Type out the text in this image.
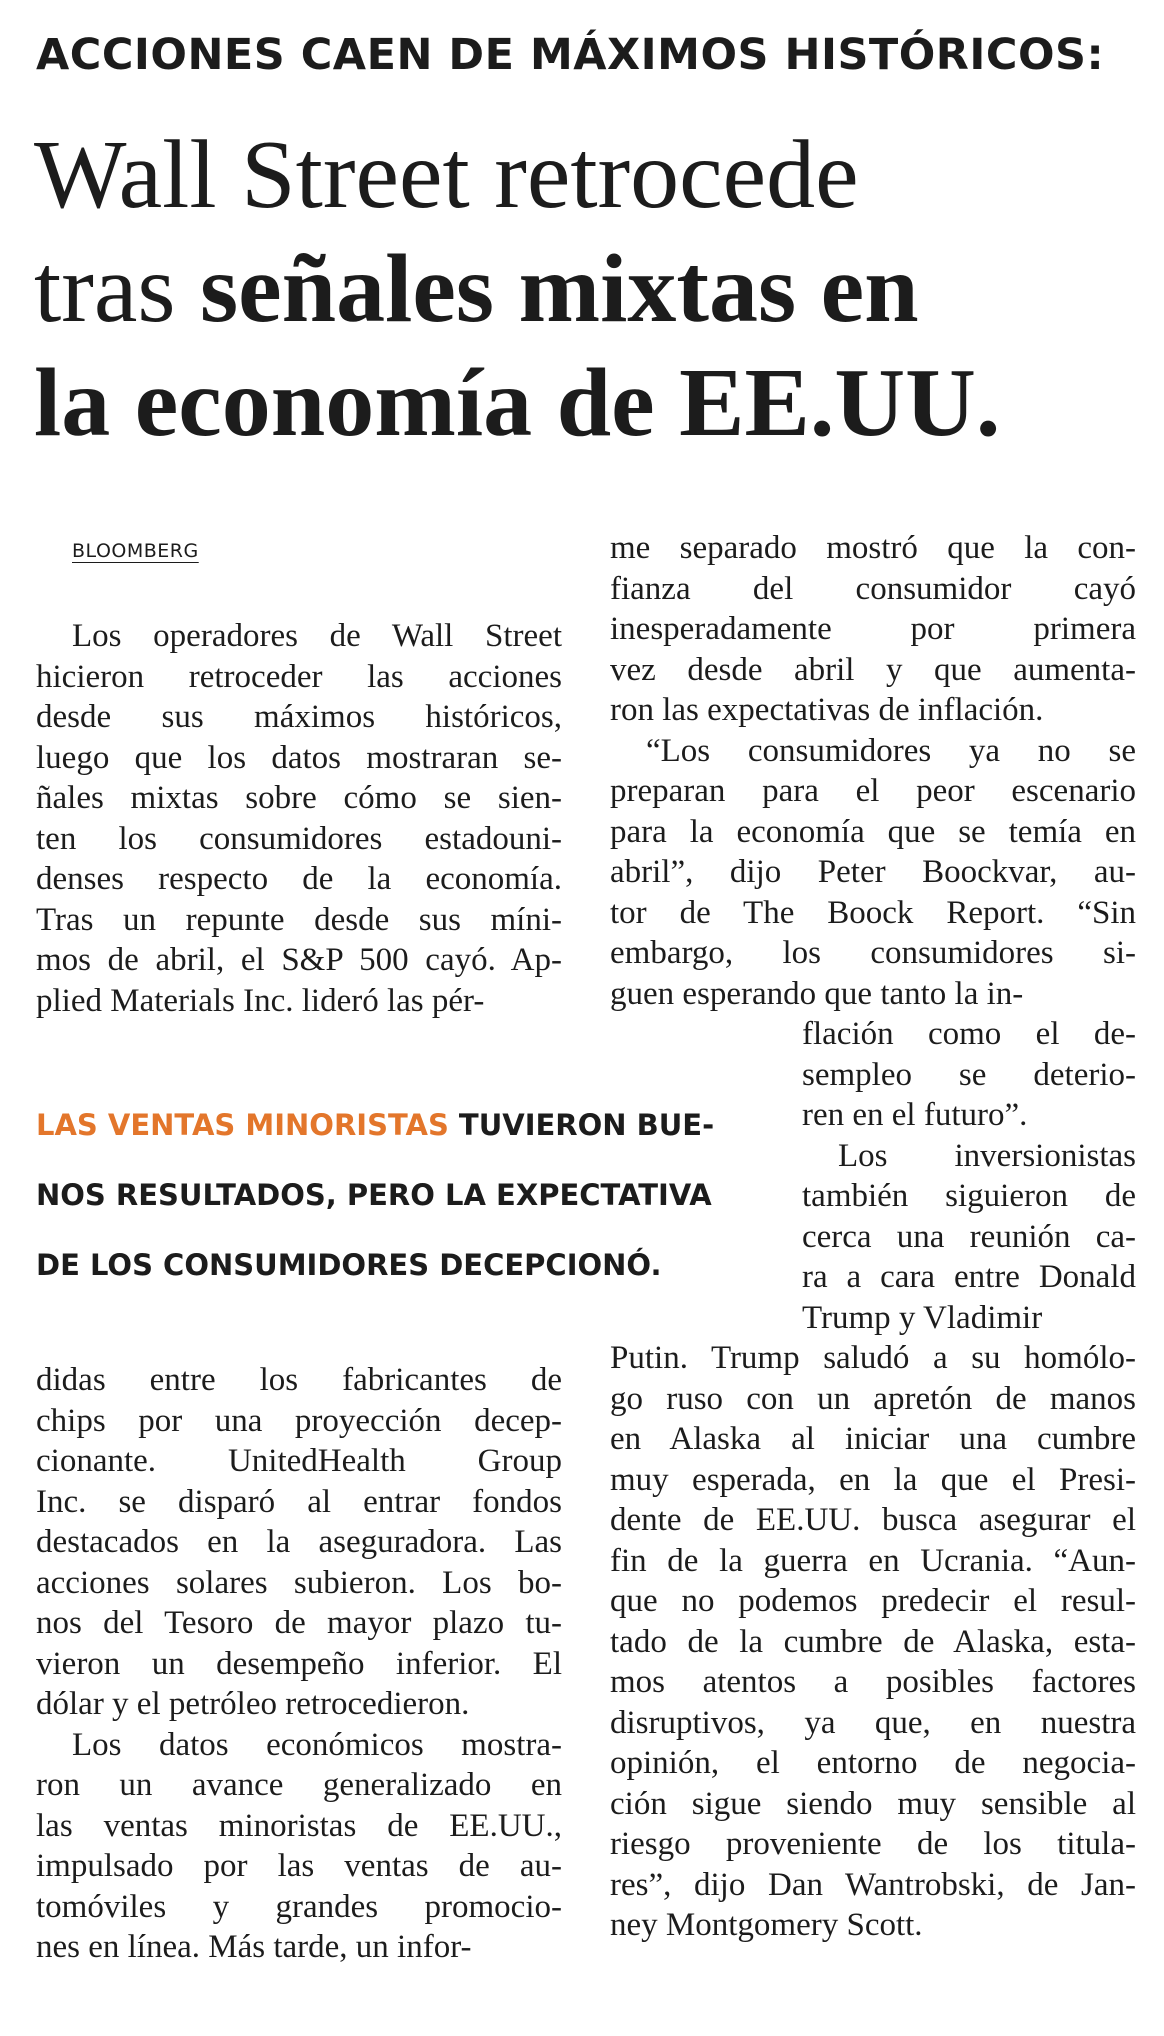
ACCIONES CAEN DE MÁXIMOS HISTÓRICOS:
Wall Street retrocede
tras señales mixtas en
la economía de EE.UU.
BLOOMBERG
Los operadores de Wall Street
hicieron retroceder las acciones
desde sus máximos históricos,
luego que los datos mostraran se-
ñales mixtas sobre cómo se sien-
ten los consumidores estadouni-
denses respecto de la economía.
Tras un repunte desde sus míni-
mos de abril, el S&P 500 cayó. Ap-
plied Materials Inc. lideró las pér-
LAS VENTAS MINORISTAS TUVIERON BUE-
NOS RESULTADOS, PERO LA EXPECTATIVA
DE LOS CONSUMIDORES DECEPCIONÓ.
didas entre los fabricantes de
chips por una proyección decep-
cionante. UnitedHealth Group
Inc. se disparó al entrar fondos
destacados en la aseguradora. Las
acciones solares subieron. Los bo-
nos del Tesoro de mayor plazo tu-
vieron un desempeño inferior. El
dólar y el petróleo retrocedieron.
Los datos económicos mostra-
ron un avance generalizado en
las ventas minoristas de EE.UU.,
impulsado por las ventas de au-
tomóviles y grandes promocio-
nes en línea. Más tarde, un infor-
me separado mostró que la con-
fianza del consumidor cayó
inesperadamente por primera
vez desde abril y que aumenta-
ron las expectativas de inflación.
“Los consumidores ya no se
preparan para el peor escenario
para la economía que se temía en
abril”, dijo Peter Boockvar, au-
tor de The Boock Report. “Sin
embargo, los consumidores si-
guen esperando que tanto la in-
flación como el de-
sempleo se deterio-
ren en el futuro”.
Los inversionistas
también siguieron de
cerca una reunión ca-
ra a cara entre Donald
Trump y Vladimir
Putin. Trump saludó a su homólo-
go ruso con un apretón de manos
en Alaska al iniciar una cumbre
muy esperada, en la que el Presi-
dente de EE.UU. busca asegurar el
fin de la guerra en Ucrania. “Aun-
que no podemos predecir el resul-
tado de la cumbre de Alaska, esta-
mos atentos a posibles factores
disruptivos, ya que, en nuestra
opinión, el entorno de negocia-
ción sigue siendo muy sensible al
riesgo proveniente de los titula-
res”, dijo Dan Wantrobski, de Jan-
ney Montgomery Scott.
